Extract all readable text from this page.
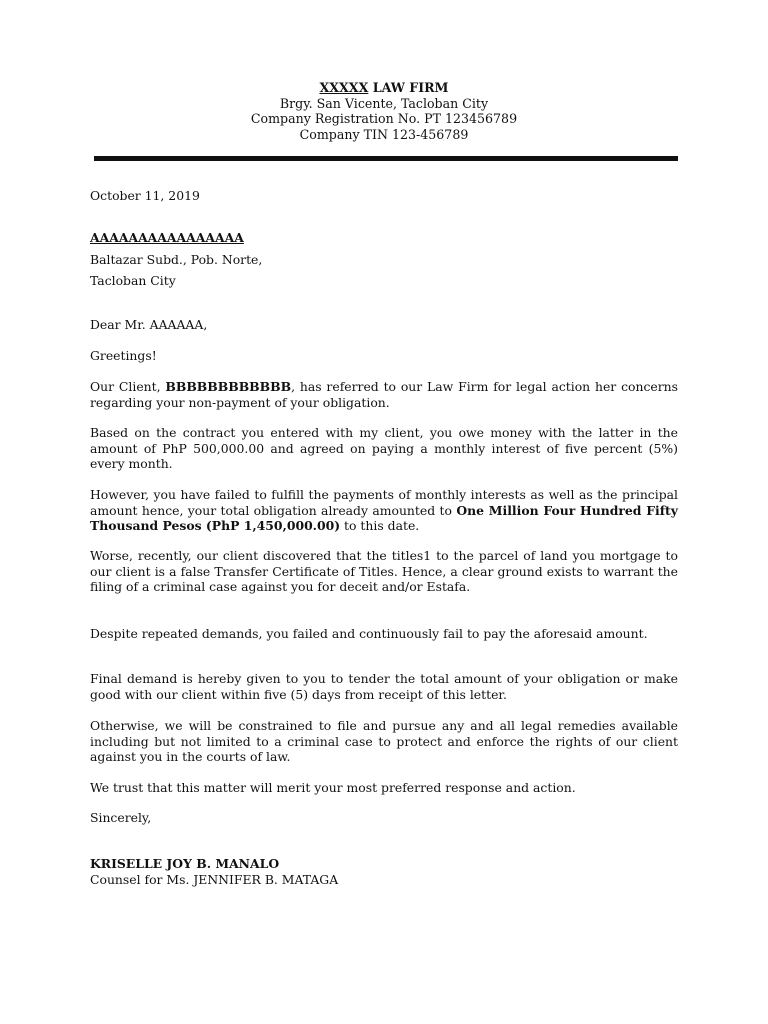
XXXXX LAW FIRM
Brgy. San Vicente, Tacloban City
Company Registration No. PT 123456789
Company TIN 123-456789

October 11, 2019

AAAAAAAAAAAAAAAA

Baltazar Subd., Pob. Norte,

Tacloban City

Dear Mr. AAAAAA,

Greetings!

Our Client, BBBBBBBBBBBB, has referred to our Law Firm for legal action her concerns regarding your non-payment of your obligation.

Based on the contract you entered with my client, you owe money with the latter in the amount of PhP 500,000.00 and agreed on paying a monthly interest of five percent (5%) every month.

However, you have failed to fulfill the payments of monthly interests as well as the principal amount hence, your total obligation already amounted to One Million Four Hundred Fifty Thousand Pesos (PhP 1,450,000.00) to this date.

Worse, recently, our client discovered that the titles1 to the parcel of land you mortgage to our client is a false Transfer Certificate of Titles. Hence, a clear ground exists to warrant the filing of a criminal case against you for deceit and/or Estafa.

Despite repeated demands, you failed and continuously fail to pay the aforesaid amount.

Final demand is hereby given to you to tender the total amount of your obligation or make good with our client within five (5) days from receipt of this letter.

Otherwise, we will be constrained to file and pursue any and all legal remedies available including but not limited to a criminal case to protect and enforce the rights of our client against you in the courts of law.

We trust that this matter will merit your most preferred response and action.

Sincerely,

KRISELLE JOY B. MANALO

Counsel for Ms. JENNIFER B. MATAGA
